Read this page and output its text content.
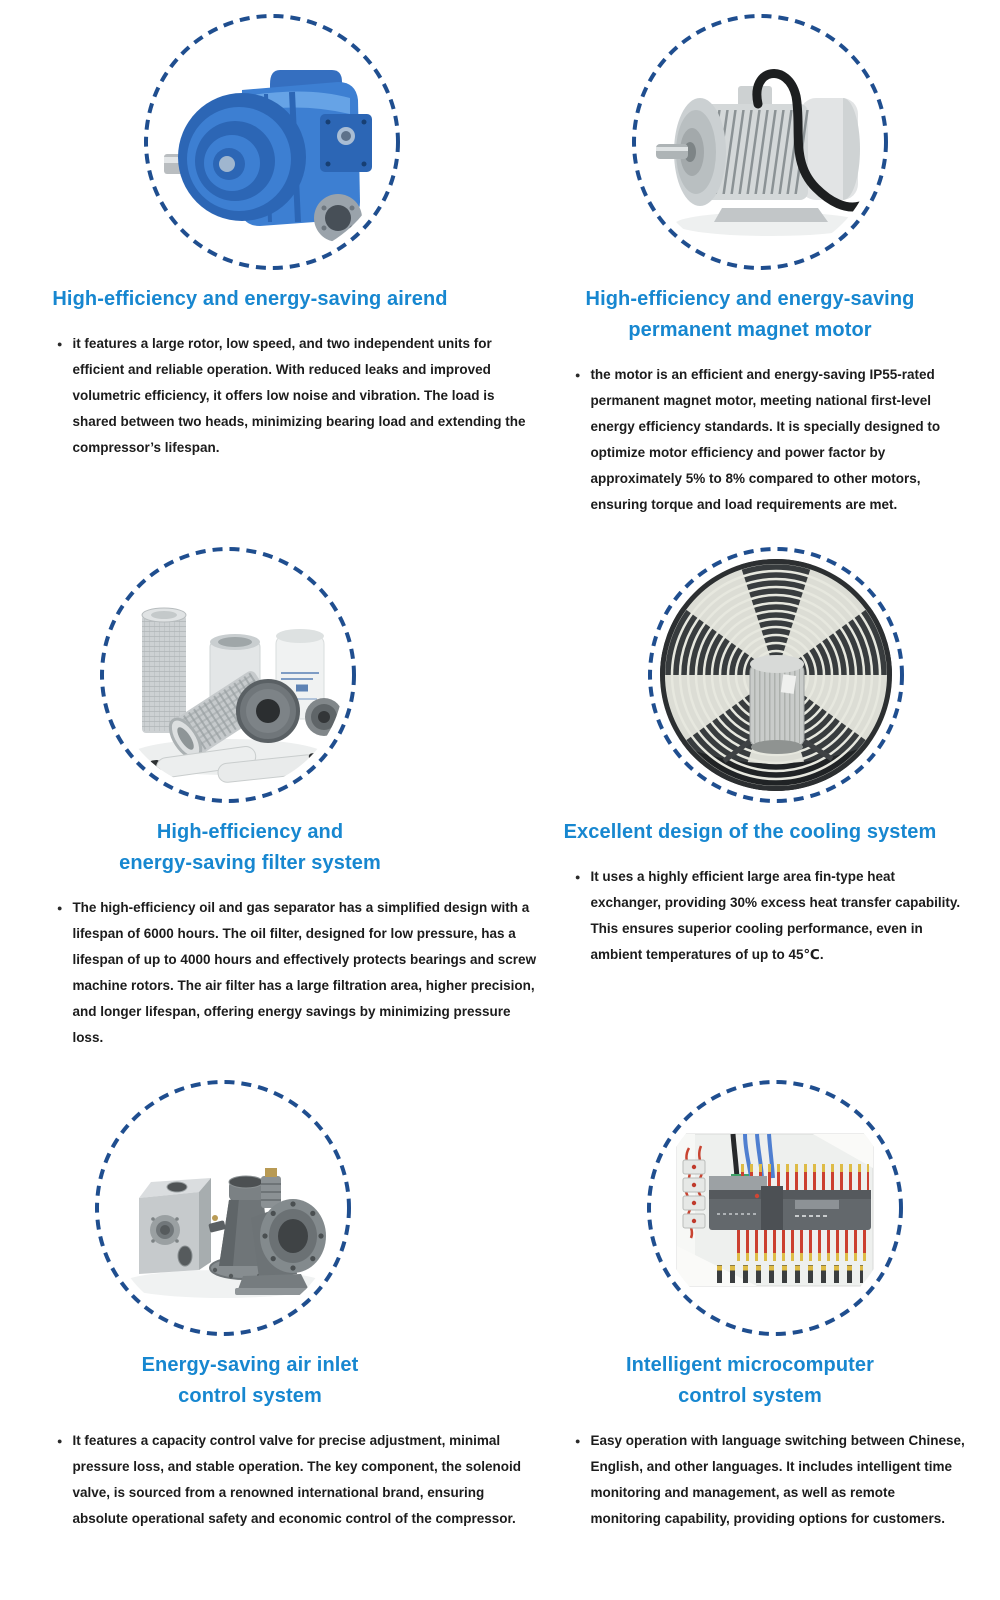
High-efficiency and energy-saving airend
● it features a large rotor, low speed, and two independent units for efficient and reliable operation. With reduced leaks and improved volumetric efficiency, it offers low noise and vibration. The load is shared between two heads, minimizing bearing load and extending the compressor’s lifespan.

High-efficiency and energy-saving
permanent magnet motor
● the motor is an efficient and energy-saving IP55-rated permanent magnet motor, meeting national first-level energy efficiency standards. It is specially designed to optimize motor efficiency and power factor by approximately 5% to 8% compared to other motors, ensuring torque and load requirements are met.

High-efficiency and
energy-saving filter system
● The high-efficiency oil and gas separator has a simplified design with a lifespan of 6000 hours. The oil filter, designed for low pressure, has a lifespan of up to 4000 hours and effectively protects bearings and screw machine rotors. The air filter has a large filtration area, higher precision, and longer lifespan, offering energy savings by minimizing pressure loss.

Excellent design of the cooling system
● It uses a highly efficient large area fin-type heat exchanger, providing 30% excess heat transfer capability. This ensures superior cooling performance, even in ambient temperatures of up to 45℃.

Energy-saving air inlet
control system
● It features a capacity control valve for precise adjustment, minimal pressure loss, and stable operation. The key component, the solenoid valve, is sourced from a renowned international brand, ensuring absolute operational safety and economic control of the compressor.

Intelligent microcomputer
control system
● Easy operation with language switching between Chinese, English, and other languages. It includes intelligent time monitoring and management, as well as remote monitoring capability, providing options for customers.
